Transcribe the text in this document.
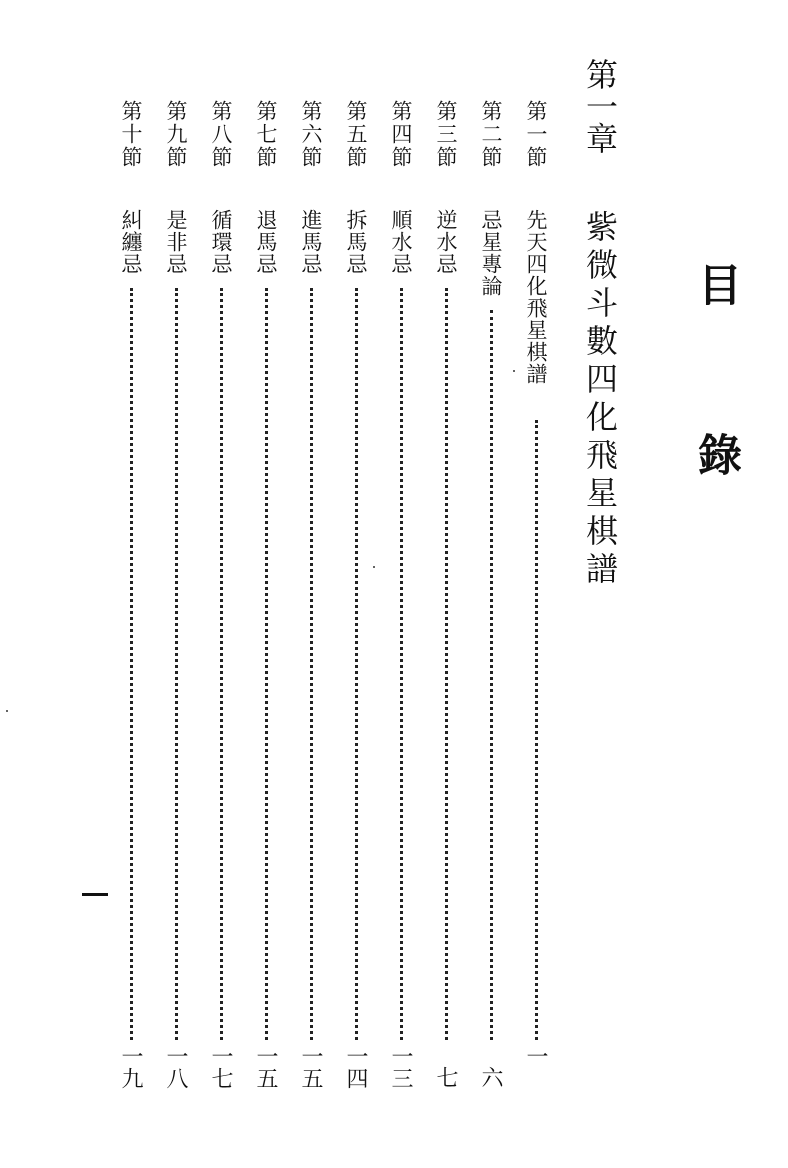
目
錄
第一章
紫微斗數四化飛星棋譜
第一節
先天四化飛星棋譜
一
第二節
忌星專論
六
第三節
逆水忌
七
第四節
順水忌
一三
第五節
拆馬忌
一四
第六節
進馬忌
一五
第七節
退馬忌
一五
第八節
循環忌
一七
第九節
是非忌
一八
第十節
糾纏忌
一九
